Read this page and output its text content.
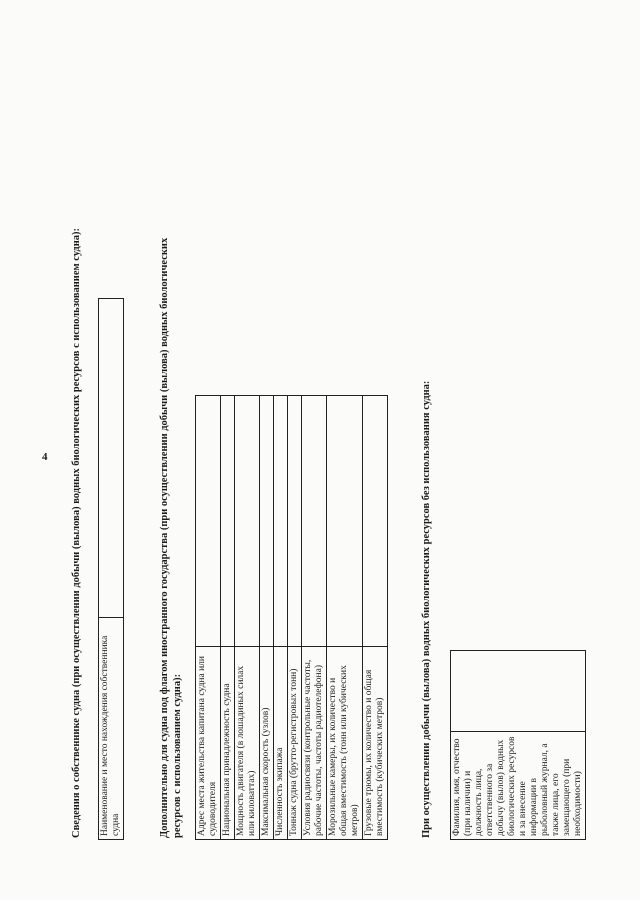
4 Сведения о собственнике судна (при осуществлении добычи (вылова) водных биологических ресурсов с использованием судна): Наименование и место нахождения собственника судна		Дополнительно для судна под флагом иностранного государства (при осуществлении добычи (вылова) водных биологических ресурсов с использованием судна): Адрес места жительства капитана судна или судоводителя	
Национальная принадлежность судна	
Мощность двигателя (в лошадиных силах или киловаттах)	
Максимальная скорость (узлов)	
Численность экипажа	
Тоннаж судна (брутто-регистровых тонн)	
Условия радиосвязи (контрольные частоты, рабочие частоты, частоты радиотелефона)	
Морозильные камеры, их количество и общая вместимость (тонн или кубических метров)	
Грузовые трюмы, их количество и общая вместимость (кубических метров)		При осуществлении добычи (вылова) водных биологических ресурсов без использования судна: Фамилия, имя, отчество (при наличии) и должность лица, ответственного за добычу (вылов) водных биологических ресурсов и за внесение информации в рыболовный журнал, а также лица, его замещающего (при необходимости)	
